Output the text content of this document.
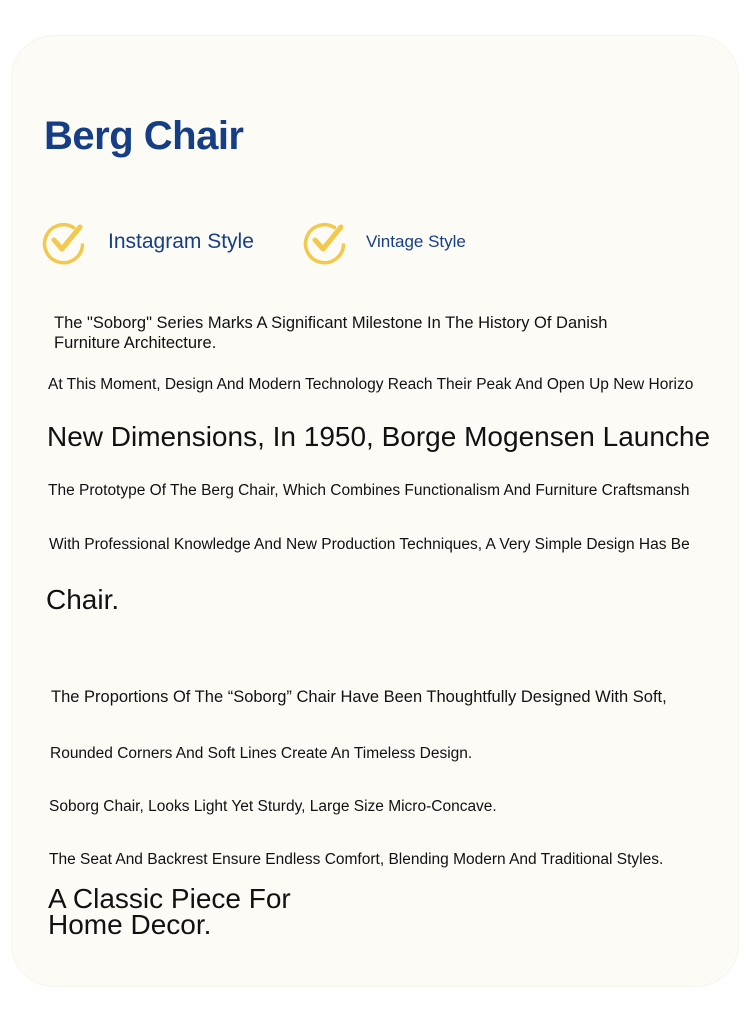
Berg Chair
Instagram Style	Vintage Style

The "Soborg" Series Marks A Significant Milestone In The History Of Danish Furniture Architecture.

At This Moment, Design And Modern Technology Reach Their Peak And Open Up New Horizo

New Dimensions, In 1950, Borge Mogensen Launche

The Prototype Of The Berg Chair, Which Combines Functionalism And Furniture Craftsmansh

With Professional Knowledge And New Production Techniques, A Very Simple Design Has Be

Chair.

The Proportions Of The “Soborg” Chair Have Been Thoughtfully Designed With Soft,

Rounded Corners And Soft Lines Create An Timeless Design.

Soborg Chair, Looks Light Yet Sturdy, Large Size Micro-Concave.

The Seat And Backrest Ensure Endless Comfort, Blending Modern And Traditional Styles.

A Classic Piece For Home Decor.
